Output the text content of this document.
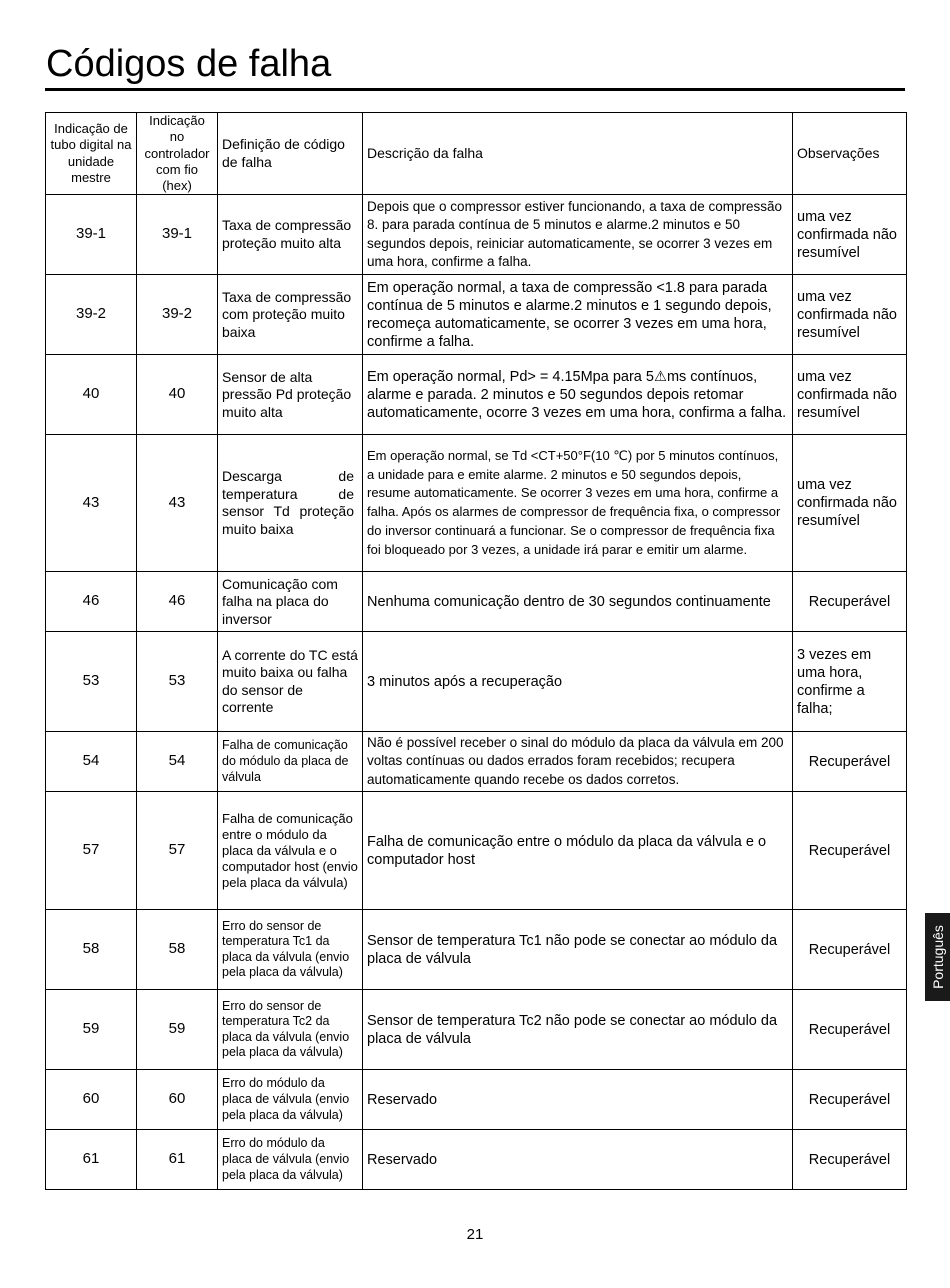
Códigos de falha
Indicação de tubo digital na unidade mestre	Indicação no controlador com fio (hex)	Definição de código de falha	Descrição da falha	Observações
39-1	39-1	Taxa de compressão proteção muito alta	Depois que o compressor estiver funcionando, a taxa de compressão 8. para parada contínua de 5 minutos e alarme.2 minutos e 50 segundos depois, reiniciar automaticamente, se ocorrer 3 vezes em uma hora, confirme a falha.	uma vez confirmada não resumível
39-2	39-2	Taxa de compressão com proteção muito baixa	Em operação normal, a taxa de compressão <1.8 para parada contínua de 5 minutos e alarme.2 minutos e 1 segundo depois, recomeça automaticamente, se ocorrer 3 vezes em uma hora, confirme a falha.	uma vez confirmada não resumível
40	40	Sensor de alta pressão Pd proteção muito alta	Em operação normal, Pd> = 4.15Mpa para 5⚠ms contínuos, alarme e parada. 2 minutos e 50 segundos depois retomar automaticamente, ocorre 3 vezes em uma hora, confirma a falha.	uma vez confirmada não resumível
43	43	Descarga de temperatura de sensor Td proteção muito baixa	Em operação normal, se Td <CT+50°F(10 ℃) por 5 minutos contínuos, a unidade para e emite alarme. 2 minutos e 50 segundos depois, resume automaticamente. Se ocorrer 3 vezes em uma hora, confirme a falha. Após os alarmes de compressor de frequência fixa, o compressor do inversor continuará a funcionar. Se o compressor de frequência fixa foi bloqueado por 3 vezes, a unidade irá parar e emitir um alarme.	uma vez confirmada não resumível
46	46	Comunicação com falha na placa do inversor	Nenhuma comunicação dentro de 30 segundos continuamente	Recuperável
53	53	A corrente do TC está muito baixa ou falha do sensor de corrente	3 minutos após a recuperação	3 vezes em uma hora, confirme a falha;
54	54	Falha de comunicação do módulo da placa de válvula	Não é possível receber o sinal do módulo da placa da válvula em 200 voltas contínuas ou dados errados foram recebidos; recupera automaticamente quando recebe os dados corretos.	Recuperável
57	57	Falha de comunicação entre o módulo da placa da válvula e o computador host (envio pela placa da válvula)	Falha de comunicação entre o módulo da placa da válvula e o computador host	Recuperável
58	58	Erro do sensor de temperatura Tc1 da placa da válvula (envio pela placa da válvula)	Sensor de temperatura Tc1 não pode se conectar ao módulo da placa de válvula	Recuperável
59	59	Erro do sensor de temperatura Tc2 da placa da válvula (envio pela placa da válvula)	Sensor de temperatura Tc2 não pode se conectar ao módulo da placa de válvula	Recuperável
60	60	Erro do módulo da placa de válvula (envio pela placa da válvula)	Reservado	Recuperável
61	61	Erro do módulo da placa de válvula (envio pela placa da válvula)	Reservado	Recuperável
Português
21
